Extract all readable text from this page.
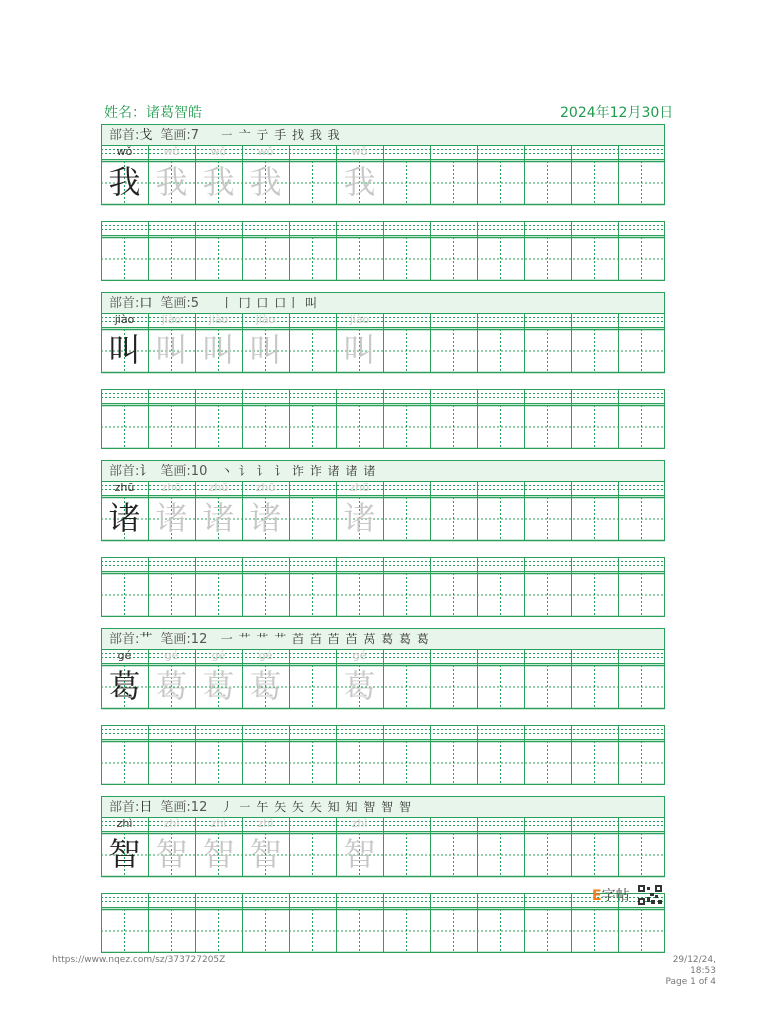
姓名：诸葛智皓	2024年12月30日
部首:戈 笔画:7 ㇐ 亠 亍 手 找 我 我
wǒ
我
wǒ
我
wǒ
我
wǒ
我
wǒ
我
部首:口 笔画:5 丨 冂 口 口丨 叫
jiào
叫
jiào
叫
jiào
叫
jiào
叫
jiào
叫
部首:讠 笔画:10 丶 讠 讠 讠 诈 诈 诸 诸 诸
zhū
诸
zhū
诸
zhū
诸
zhū
诸
zhū
诸
部首:艹 笔画:12 一 艹 艹 艹 苩 苩 苩 苩 莴 葛 葛 葛
gé
葛
gé
葛
gé
葛
gé
葛
gé
葛
部首:日 笔画:12 丿 ㇐ 午 矢 矢 矢 知 知 智 智 智
zhì
智
zhì
智
zhì
智
zhì
智
zhì
智
E字帖
https://www.nqez.com/sz/373727205Z	29/12/24, 18:53
Page 1 of 4
